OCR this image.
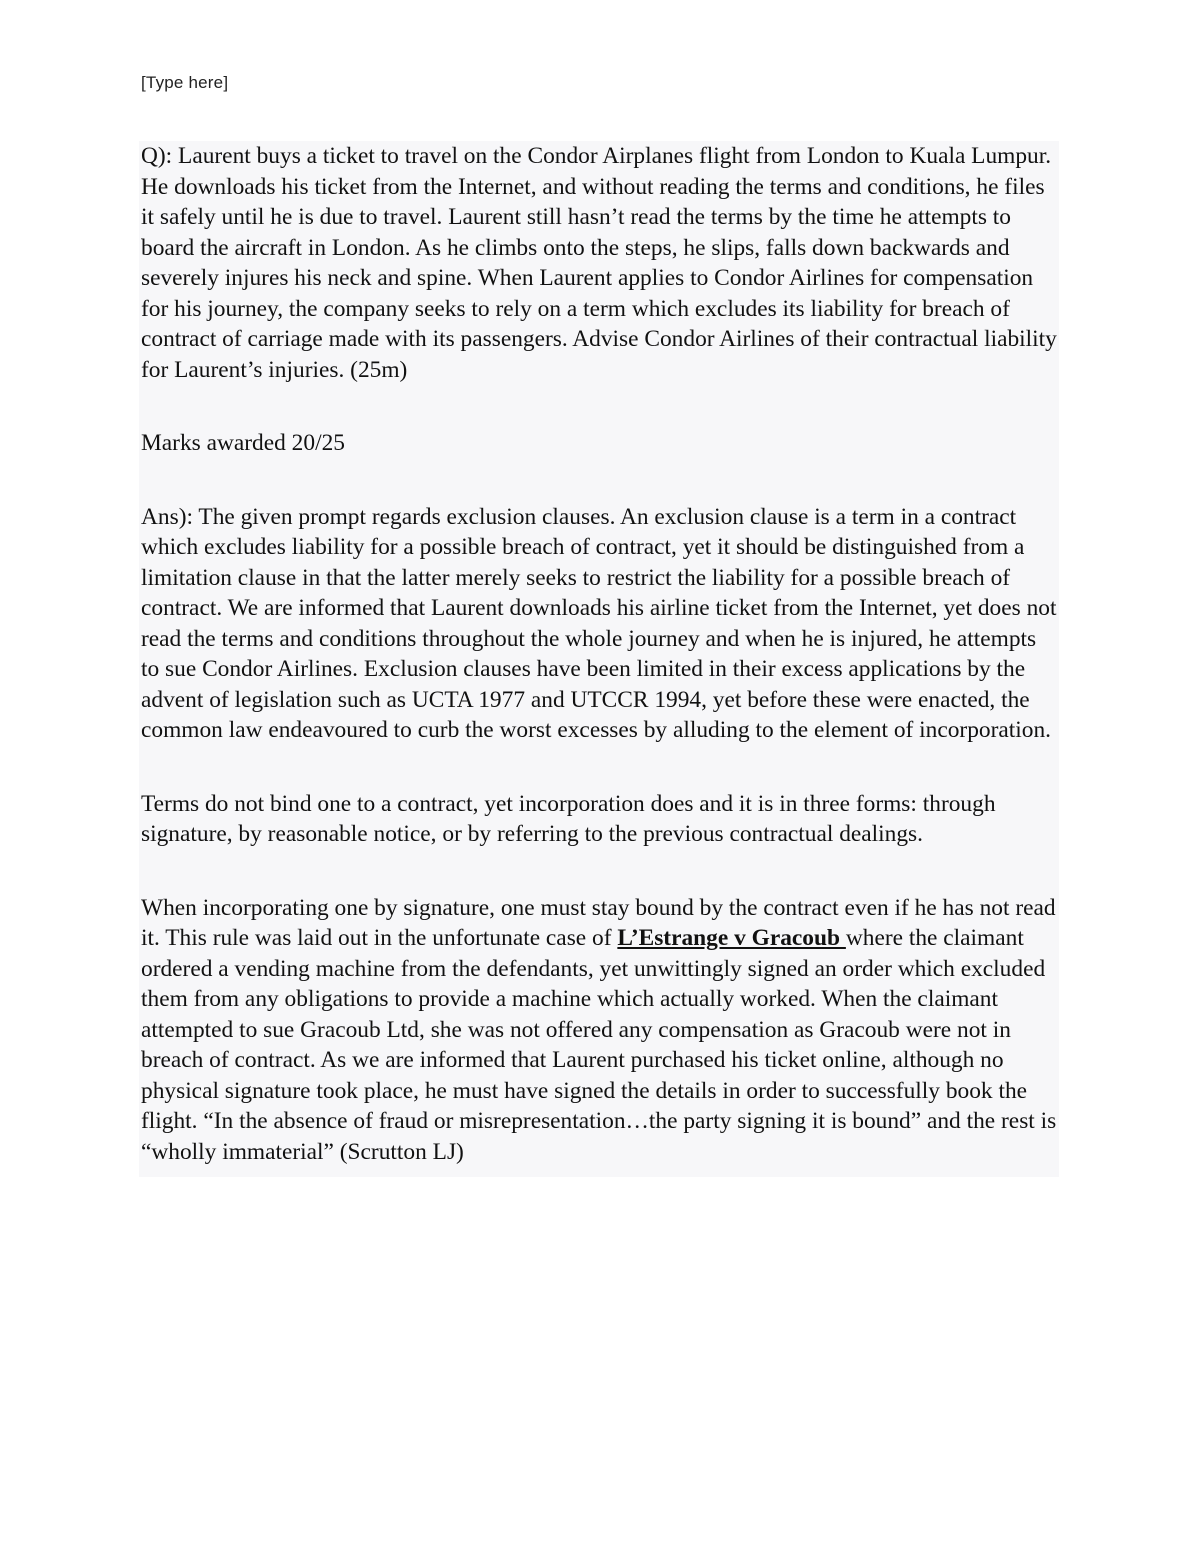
[Type here]

Q): Laurent buys a ticket to travel on the Condor Airplanes flight from London to Kuala Lumpur. He downloads his ticket from the Internet, and without reading the terms and conditions, he files it safely until he is due to travel. Laurent still hasn’t read the terms by the time he attempts to board the aircraft in London. As he climbs onto the steps, he slips, falls down backwards and severely injures his neck and spine. When Laurent applies to Condor Airlines for compensation for his journey, the company seeks to rely on a term which excludes its liability for breach of contract of carriage made with its passengers. Advise Condor Airlines of their contractual liability for Laurent’s injuries. (25m)

Marks awarded 20/25

Ans): The given prompt regards exclusion clauses. An exclusion clause is a term in a contract which excludes liability for a possible breach of contract, yet it should be distinguished from a limitation clause in that the latter merely seeks to restrict the liability for a possible breach of contract. We are informed that Laurent downloads his airline ticket from the Internet, yet does not read the terms and conditions throughout the whole journey and when he is injured, he attempts to sue Condor Airlines. Exclusion clauses have been limited in their excess applications by the advent of legislation such as UCTA 1977 and UTCCR 1994, yet before these were enacted, the common law endeavoured to curb the worst excesses by alluding to the element of incorporation.

Terms do not bind one to a contract, yet incorporation does and it is in three forms: through signature, by reasonable notice, or by referring to the previous contractual dealings.

When incorporating one by signature, one must stay bound by the contract even if he has not read it. This rule was laid out in the unfortunate case of L’Estrange v Gracoub where the claimant ordered a vending machine from the defendants, yet unwittingly signed an order which excluded them from any obligations to provide a machine which actually worked. When the claimant attempted to sue Gracoub Ltd, she was not offered any compensation as Gracoub were not in breach of contract. As we are informed that Laurent purchased his ticket online, although no physical signature took place, he must have signed the details in order to successfully book the flight. “In the absence of fraud or misrepresentation…the party signing it is bound” and the rest is “wholly immaterial” (Scrutton LJ)
